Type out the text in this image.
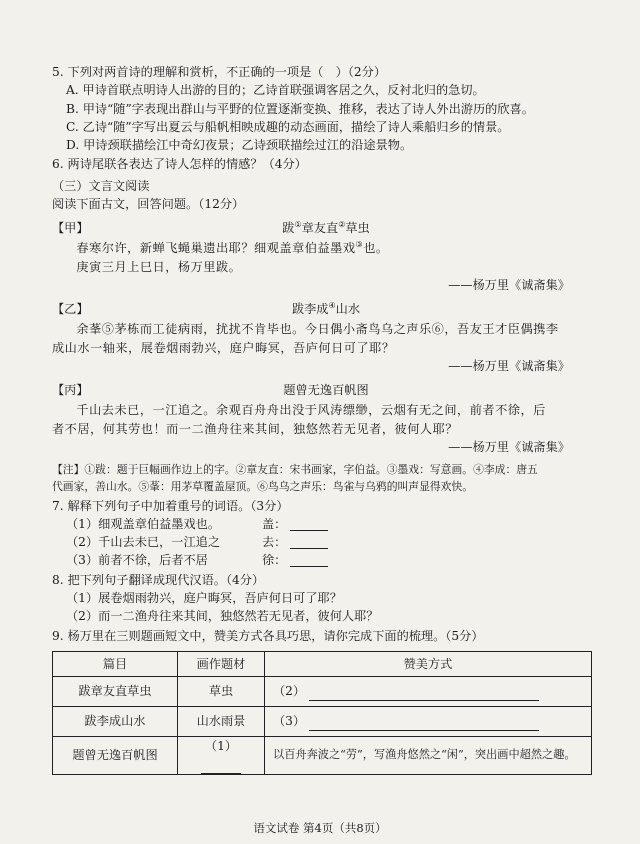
5. 下列对两首诗的理解和赏析，不正确的一项是（　）（2分）
A. 甲诗首联点明诗人出游的目的；乙诗首联强调客居之久，反衬北归的急切。
B. 甲诗“随”字表现出群山与平野的位置逐渐变换、推移，表达了诗人外出游历的欣喜。
C. 乙诗“随”字写出夏云与船帆相映成趣的动态画面，描绘了诗人乘船归乡的情景。
D. 甲诗颈联描绘江中奇幻夜景；乙诗颈联描绘过江的沿途景物。
6. 两诗尾联各表达了诗人怎样的情感？（4分）
（三）文言文阅读
阅读下面古文，回答问题。（12分）
【甲】	跋①章友直②草虫
春寒尔许，新蝉飞蝇巢遗出耶？细观盖章伯益墨戏③也。
庚寅三月上巳日，杨万里跋。
——杨万里《诚斋集》
【乙】	跋李成④山水
余莑⑤茅栋而工徒病雨，扰扰不肯毕也。今日偶小斋鸟乌之声乐⑥，吾友王才臣偶携李
成山水一轴来，展卷烟雨勃兴，庭户晦冥，吾庐何日可了耶？
——杨万里《诚斋集》
【丙】	题曾无逸百帆图
千山去未已，一江追之。余观百舟舟出没于风涛缥缈，云烟有无之间，前者不徐，后
者不居，何其劳也！而一二渔舟往来其间，独悠然若无见者，彼何人耶？
——杨万里《诚斋集》
【注】①跋：题于巨幅画作边上的字。②章友直：宋书画家，字伯益。③墨戏：写意画。④李成：唐五
代画家，善山水。⑤莑：用茅草覆盖屋顶。⑥鸟乌之声乐：鸟雀与乌鸦的叫声显得欢快。
7. 解释下列句子中加着重号的词语。（3分）
（1）细观盖章伯益墨戏也。	盖：
（2）千山去未已，一江追之	去：
（3）前者不徐，后者不居	徐：
8. 把下列句子翻译成现代汉语。（4分）
（1）展卷烟雨勃兴，庭户晦冥，吾庐何日可了耶？
（2）而一二渔舟往来其间，独悠然若无见者，彼何人耶？
9. 杨万里在三则题画短文中，赞美方式各具巧思，请你完成下面的梳理。（5分）
篇目	画作题材	赞美方式
跋章友直草虫	草虫	（2）
跋李成山水	山水雨景	（3）
题曾无逸百帆图	（1）	以百舟奔波之“劳”，写渔舟悠然之“闲”，突出画中超然之趣。
语文试卷 第4页（共8页）
